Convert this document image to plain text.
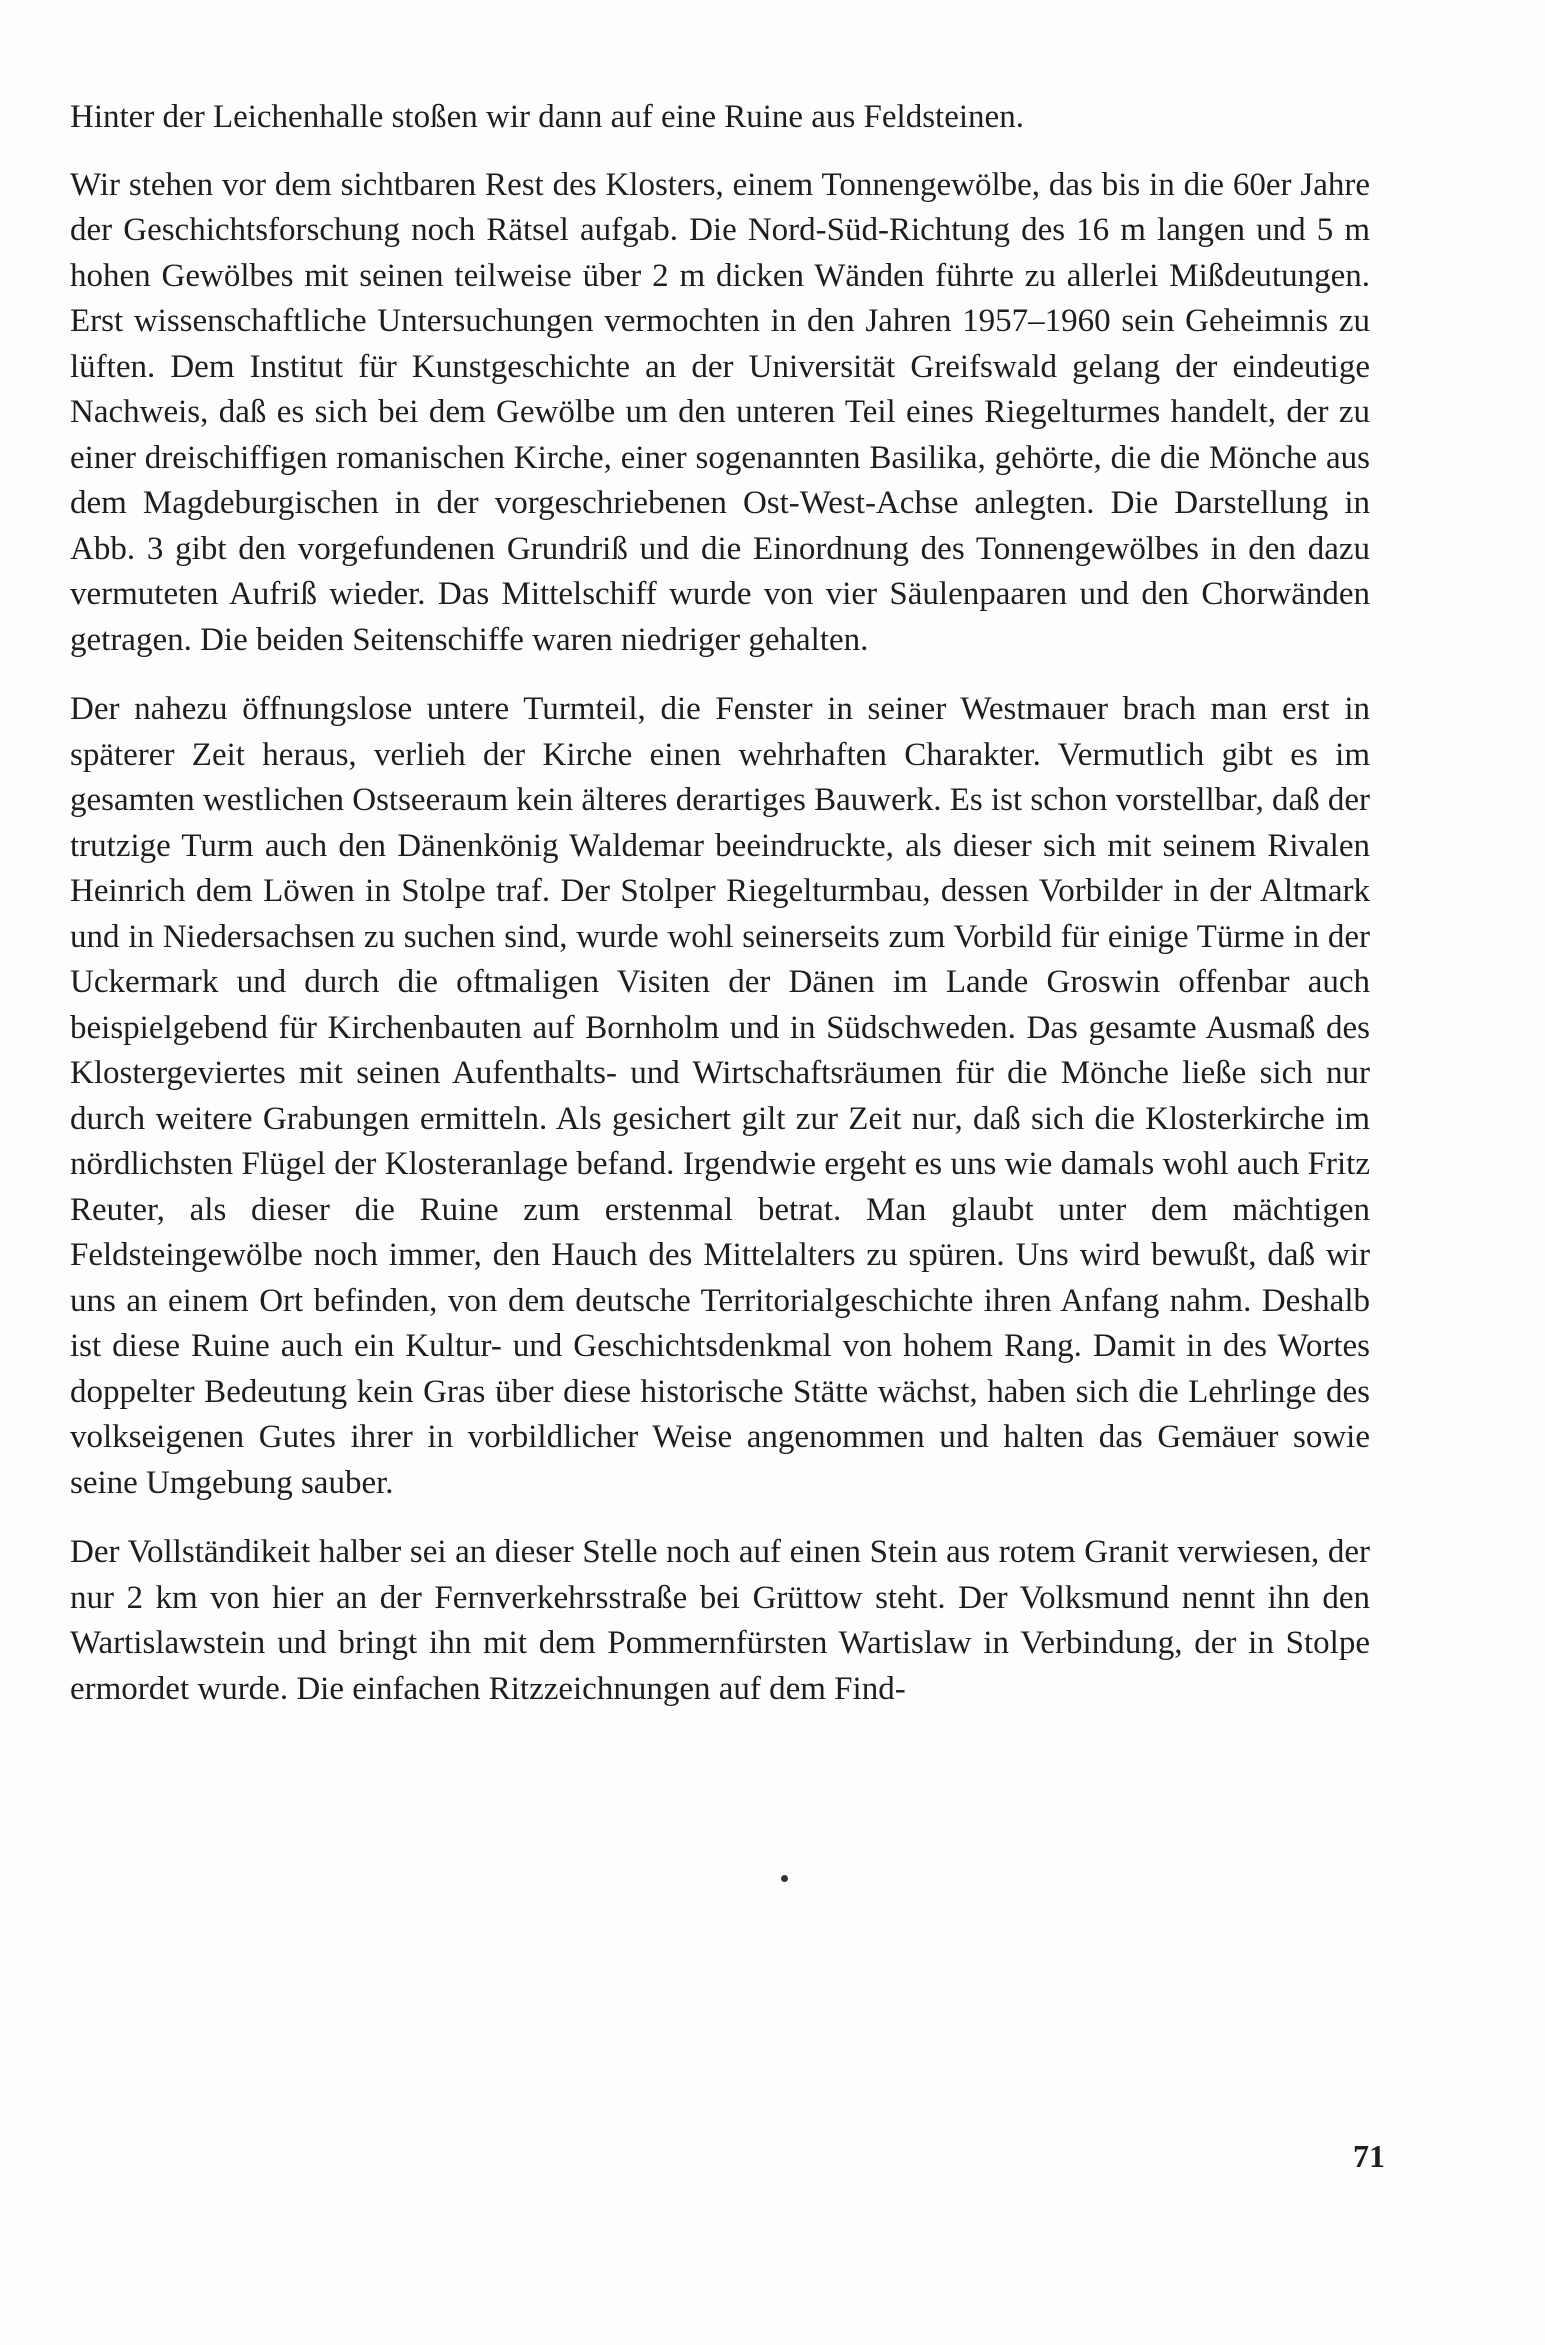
Hinter der Leichenhalle stoßen wir dann auf eine Ruine aus Feldsteinen.

Wir stehen vor dem sichtbaren Rest des Klosters, einem Tonnengewölbe, das bis in die 60er Jahre der Geschichtsforschung noch Rätsel aufgab. Die Nord-Süd-Richtung des 16 m langen und 5 m hohen Gewölbes mit seinen teilweise über 2 m dicken Wänden führte zu allerlei Mißdeutungen. Erst wissenschaftliche Untersuchungen vermochten in den Jahren 1957–1960 sein Geheimnis zu lüften. Dem Institut für Kunstgeschichte an der Universität Greifswald gelang der eindeutige Nachweis, daß es sich bei dem Gewölbe um den unteren Teil eines Riegelturmes handelt, der zu einer dreischiffigen romanischen Kirche, einer sogenannten Basilika, gehörte, die die Mönche aus dem Magdeburgischen in der vorgeschriebenen Ost-West-Achse anlegten. Die Darstellung in Abb. 3 gibt den vorgefundenen Grundriß und die Einordnung des Tonnengewölbes in den dazu vermuteten Aufriß wieder. Das Mittelschiff wurde von vier Säulenpaaren und den Chorwänden getragen. Die beiden Seitenschiffe waren niedriger gehalten.

Der nahezu öffnungslose untere Turmteil, die Fenster in seiner Westmauer brach man erst in späterer Zeit heraus, verlieh der Kirche einen wehrhaften Charakter. Vermutlich gibt es im gesamten westlichen Ostseeraum kein älteres derartiges Bauwerk. Es ist schon vorstellbar, daß der trutzige Turm auch den Dänenkönig Waldemar beeindruckte, als dieser sich mit seinem Rivalen Heinrich dem Löwen in Stolpe traf. Der Stolper Riegelturmbau, dessen Vorbilder in der Altmark und in Niedersachsen zu suchen sind, wurde wohl seinerseits zum Vorbild für einige Türme in der Uckermark und durch die oftmaligen Visiten der Dänen im Lande Groswin offenbar auch beispielgebend für Kirchenbauten auf Bornholm und in Südschweden. Das gesamte Ausmaß des Klostergeviertes mit seinen Aufenthalts- und Wirtschaftsräumen für die Mönche ließe sich nur durch weitere Grabungen ermitteln. Als gesichert gilt zur Zeit nur, daß sich die Klosterkirche im nördlichsten Flügel der Klosteranlage befand. Irgendwie ergeht es uns wie damals wohl auch Fritz Reuter, als dieser die Ruine zum erstenmal betrat. Man glaubt unter dem mächtigen Feldsteingewölbe noch immer, den Hauch des Mittelalters zu spüren. Uns wird bewußt, daß wir uns an einem Ort befinden, von dem deutsche Territorialgeschichte ihren Anfang nahm. Deshalb ist diese Ruine auch ein Kultur- und Geschichtsdenkmal von hohem Rang. Damit in des Wortes doppelter Bedeutung kein Gras über diese historische Stätte wächst, haben sich die Lehrlinge des volkseigenen Gutes ihrer in vorbildlicher Weise angenommen und halten das Gemäuer sowie seine Umgebung sauber.

Der Vollständikeit halber sei an dieser Stelle noch auf einen Stein aus rotem Granit verwiesen, der nur 2 km von hier an der Fernverkehrsstraße bei Grüttow steht. Der Volksmund nennt ihn den Wartislawstein und bringt ihn mit dem Pommernfürsten Wartislaw in Verbindung, der in Stolpe ermordet wurde. Die einfachen Ritzzeichnungen auf dem Find-

71
